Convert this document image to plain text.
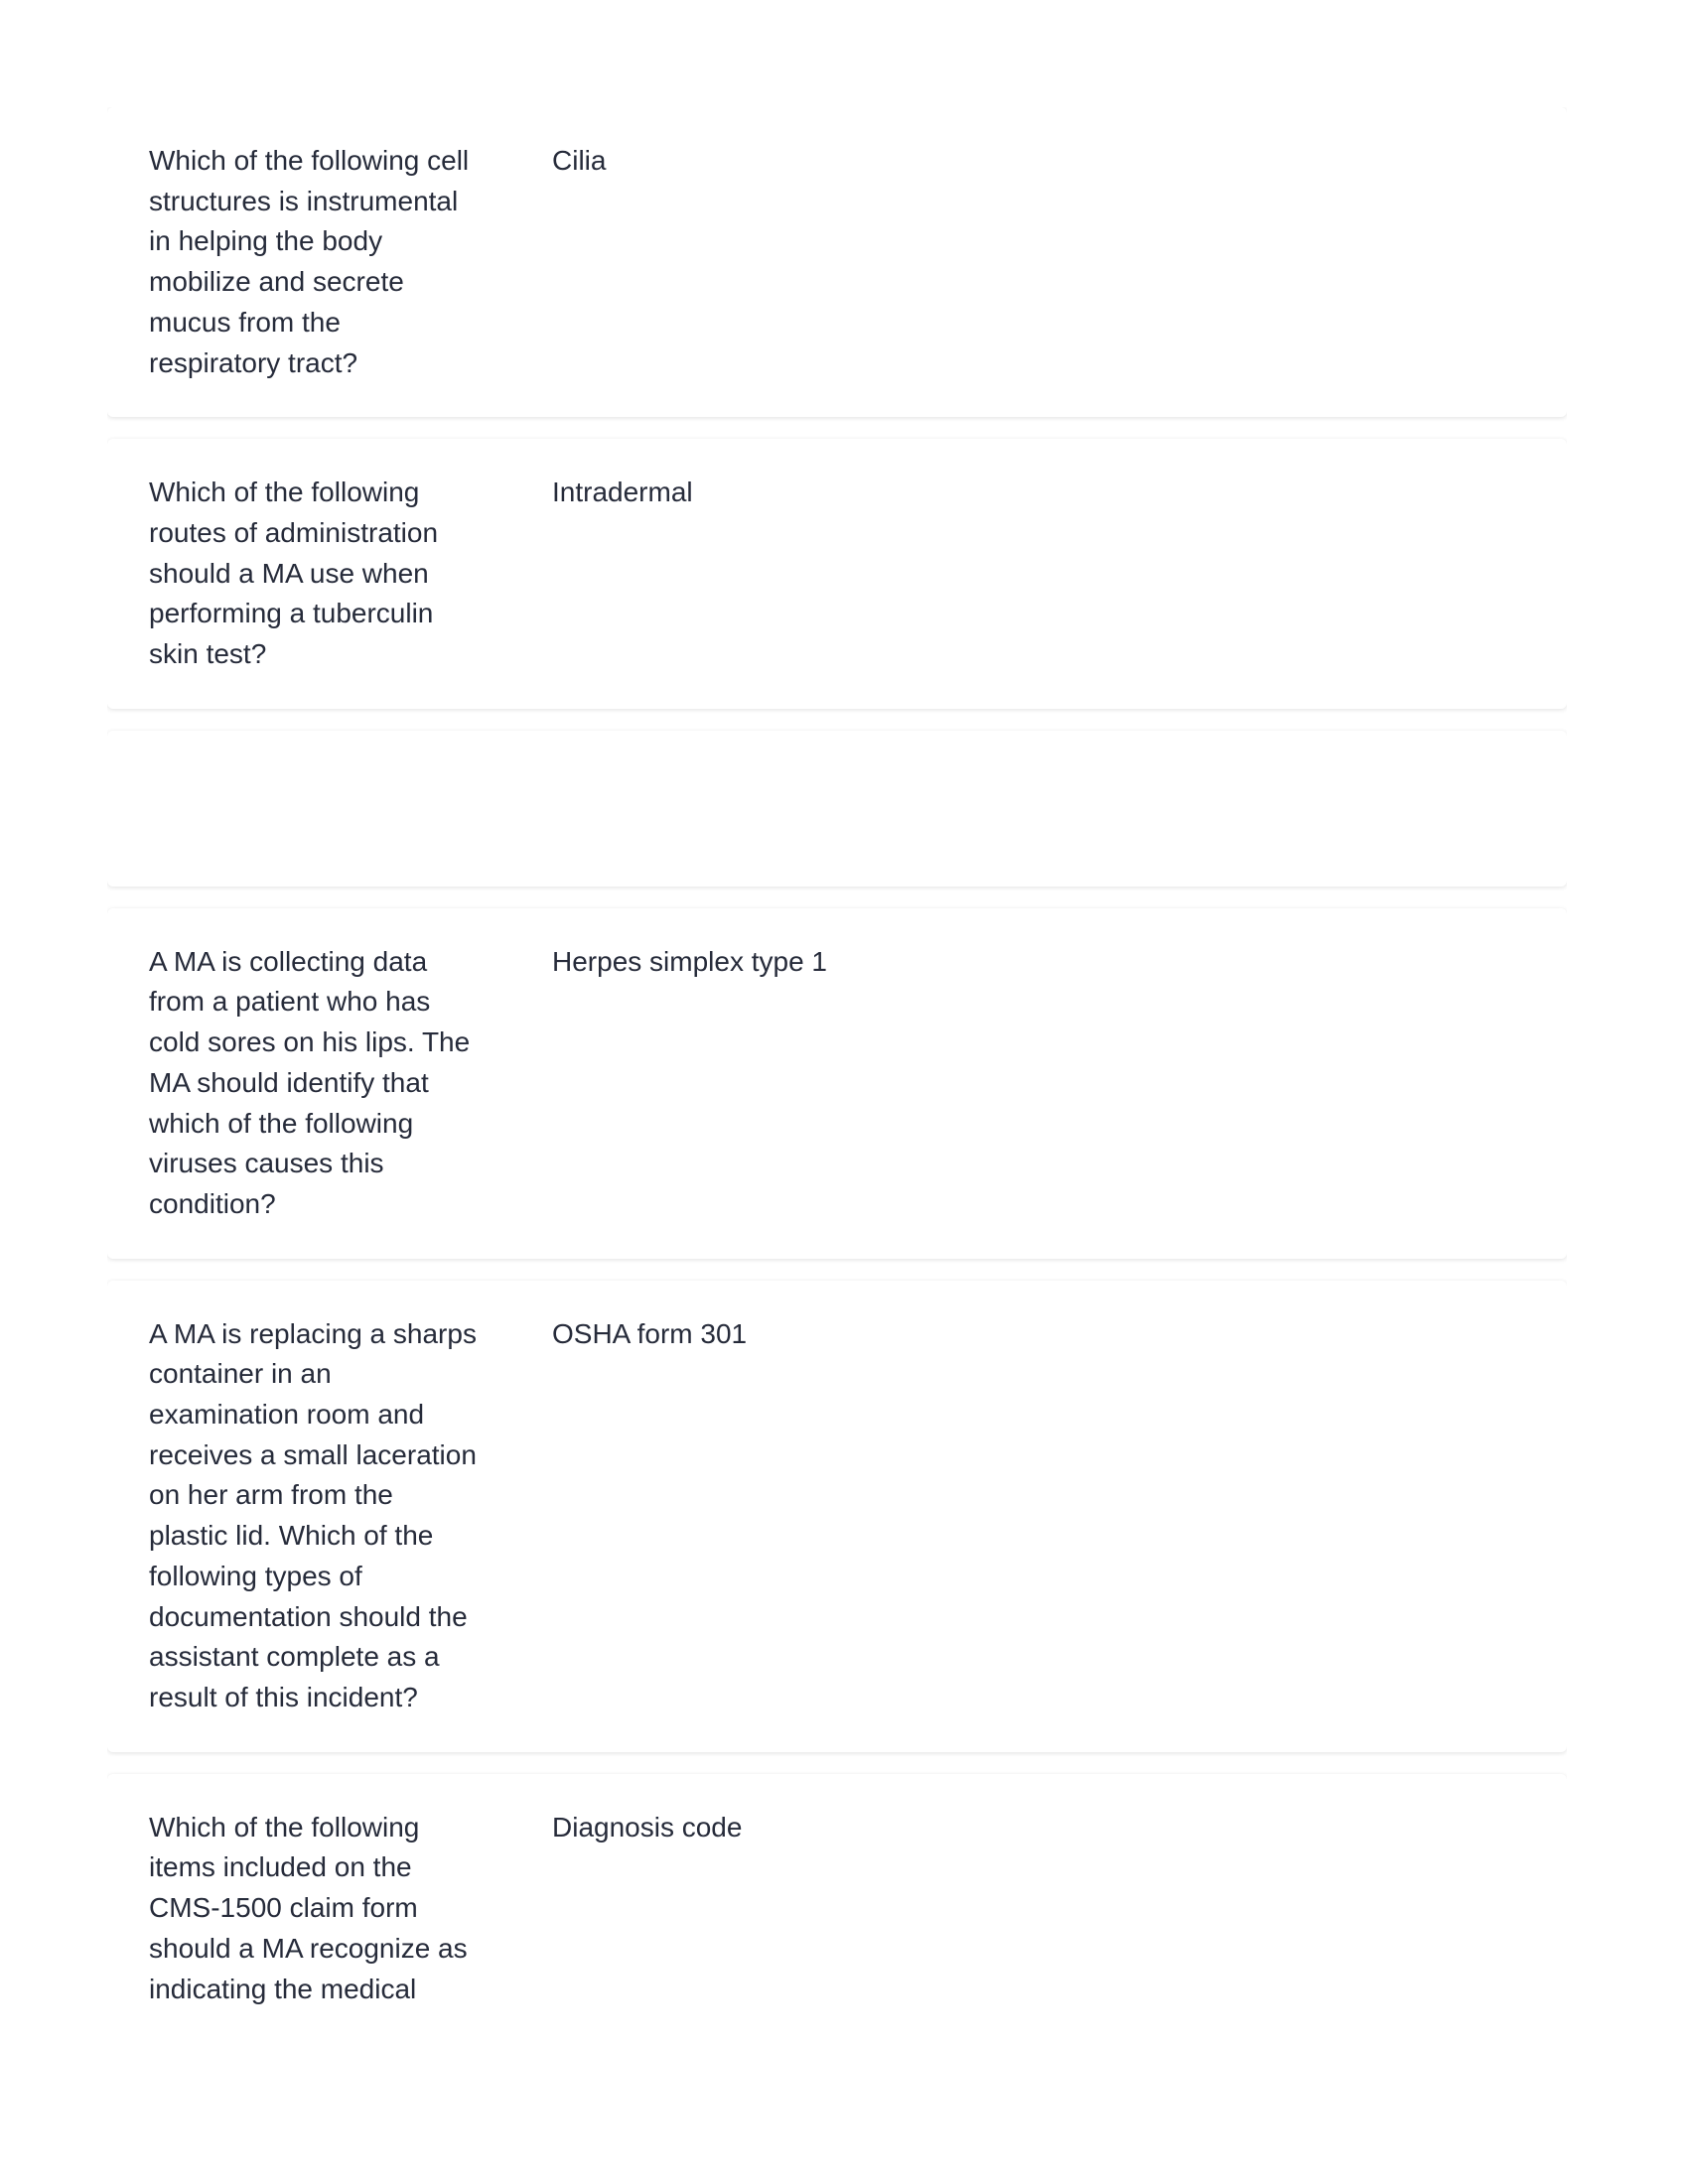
Which of the following cell structures is instrumental in helping the body mobilize and secrete mucus from the respiratory tract?
Cilia
Which of the following routes of administration should a MA use when performing a tuberculin skin test?
Intradermal
A MA is collecting data from a patient who has cold sores on his lips. The MA should identify that which of the following viruses causes this condition?
Herpes simplex type 1
A MA is replacing a sharps container in an examination room and receives a small laceration on her arm from the plastic lid. Which of the following types of documentation should the assistant complete as a result of this incident?
OSHA form 301
Which of the following items included on the CMS-1500 claim form should a MA recognize as indicating the medical
Diagnosis code
